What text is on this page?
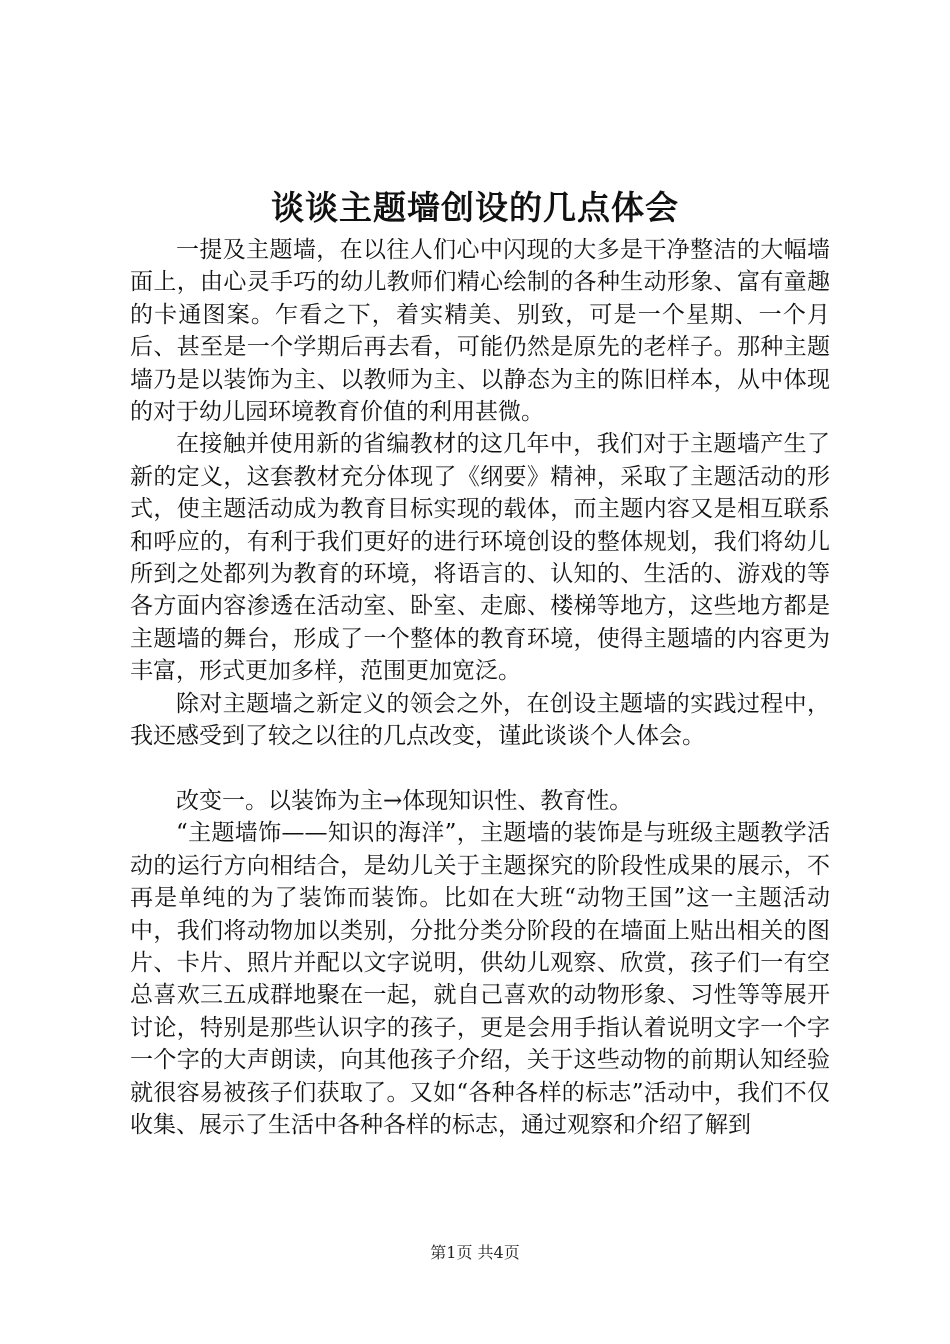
谈谈主题墙创设的几点体会

一提及主题墙，在以往人们心中闪现的大多是干净整洁的大幅墙面上，由心灵手巧的幼儿教师们精心绘制的各种生动形象、富有童趣的卡通图案。乍看之下，着实精美、别致，可是一个星期、一个月后、甚至是一个学期后再去看，可能仍然是原先的老样子。那种主题墙乃是以装饰为主、以教师为主、以静态为主的陈旧样本，从中体现的对于幼儿园环境教育价值的利用甚微。

在接触并使用新的省编教材的这几年中，我们对于主题墙产生了新的定义，这套教材充分体现了《纲要》精神，采取了主题活动的形式，使主题活动成为教育目标实现的载体，而主题内容又是相互联系和呼应的，有利于我们更好的进行环境创设的整体规划，我们将幼儿所到之处都列为教育的环境，将语言的、认知的、生活的、游戏的等各方面内容渗透在活动室、卧室、走廊、楼梯等地方，这些地方都是主题墙的舞台，形成了一个整体的教育环境，使得主题墙的内容更为丰富，形式更加多样，范围更加宽泛。

除对主题墙之新定义的领会之外，在创设主题墙的实践过程中，我还感受到了较之以往的几点改变，谨此谈谈个人体会。

改变一。以装饰为主→体现知识性、教育性。

“主题墙饰——知识的海洋”，主题墙的装饰是与班级主题教学活动的运行方向相结合，是幼儿关于主题探究的阶段性成果的展示，不再是单纯的为了装饰而装饰。比如在大班“动物王国”这一主题活动中，我们将动物加以类别，分批分类分阶段的在墙面上贴出相关的图片、卡片、照片并配以文字说明，供幼儿观察、欣赏，孩子们一有空总喜欢三五成群地聚在一起，就自己喜欢的动物形象、习性等等展开讨论，特别是那些认识字的孩子，更是会用手指认着说明文字一个字一个字的大声朗读，向其他孩子介绍，关于这些动物的前期认知经验就很容易被孩子们获取了。又如“各种各样的标志”活动中，我们不仅收集、展示了生活中各种各样的标志，通过观察和介绍了解到

第1页 共4页
